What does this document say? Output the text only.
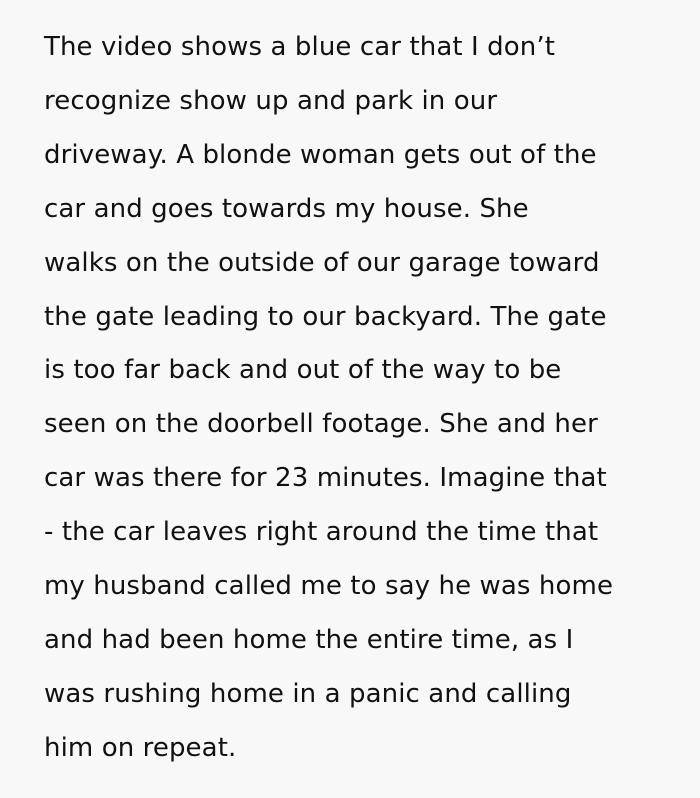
The video shows a blue car that I don’t
recognize show up and park in our
driveway. A blonde woman gets out of the
car and goes towards my house. She
walks on the outside of our garage toward
the gate leading to our backyard. The gate
is too far back and out of the way to be
seen on the doorbell footage. She and her
car was there for 23 minutes. Imagine that
- the car leaves right around the time that
my husband called me to say he was home
and had been home the entire time, as I
was rushing home in a panic and calling
him on repeat.
